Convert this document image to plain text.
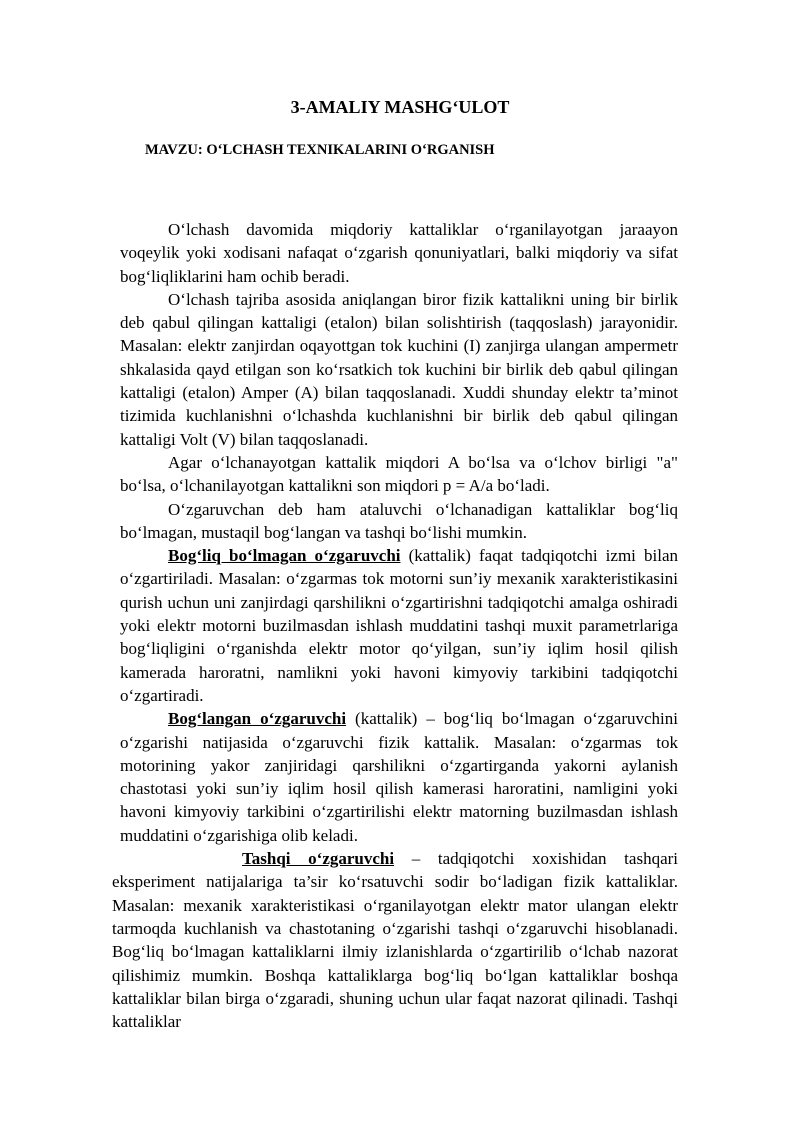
3-AMALIY MASHG‘ULOT
MAVZU: O‘LCHASH TEXNIKALARINI O‘RGANISH

O‘lchash davomida miqdoriy kattaliklar o‘rganilayotgan jaraayon voqeylik yoki xodisani nafaqat o‘zgarish qonuniyatlari, balki miqdoriy va sifat bog‘liqliklarini ham ochib beradi.

O‘lchash tajriba asosida aniqlangan biror fizik kattalikni uning bir birlik deb qabul qilingan kattaligi (etalon) bilan solishtirish (taqqoslash) jarayonidir. Masalan: elektr zanjirdan oqayottgan tok kuchini (I) zanjirga ulangan ampermetr shkalasida qayd etilgan son ko‘rsatkich tok kuchini bir birlik deb qabul qilingan kattaligi (etalon) Amper (A) bilan taqqoslanadi. Xuddi shunday elektr ta’minot tizimida kuchlanishni o‘lchashda kuchlanishni bir birlik deb qabul qilingan kattaligi Volt (V) bilan taqqoslanadi.

Agar o‘lchanayotgan kattalik miqdori A bo‘lsa va o‘lchov birligi "a" bo‘lsa, o‘lchanilayotgan kattalikni son miqdori p = A/a bo‘ladi.

O‘zgaruvchan deb ham ataluvchi o‘lchanadigan kattaliklar bog‘liq bo‘lmagan, mustaqil bog‘langan va tashqi bo‘lishi mumkin.

Bog‘liq bo‘lmagan o‘zgaruvchi (kattalik) faqat tadqiqotchi izmi bilan o‘zgartiriladi. Masalan: o‘zgarmas tok motorni sun’iy mexanik xarakteristikasini qurish uchun uni zanjirdagi qarshilikni o‘zgartirishni tadqiqotchi amalga oshiradi yoki elektr motorni buzilmasdan ishlash muddatini tashqi muxit parametrlariga bog‘liqligini o‘rganishda elektr motor qo‘yilgan, sun’iy iqlim hosil qilish kamerada haroratni, namlikni yoki havoni kimyoviy tarkibini tadqiqotchi o‘zgartiradi.

Bog‘langan o‘zgaruvchi (kattalik) – bog‘liq bo‘lmagan o‘zgaruvchini o‘zgarishi natijasida o‘zgaruvchi fizik kattalik. Masalan: o‘zgarmas tok motorining yakor zanjiridagi qarshilikni o‘zgartirganda yakorni aylanish chastotasi yoki sun’iy iqlim hosil qilish kamerasi haroratini, namligini yoki havoni kimyoviy tarkibini o‘zgartirilishi elektr matorning buzilmasdan ishlash muddatini o‘zgarishiga olib keladi.

Tashqi o‘zgaruvchi – tadqiqotchi xoxishidan tashqari eksperiment natijalariga ta’sir ko‘rsatuvchi sodir bo‘ladigan fizik kattaliklar. Masalan: mexanik xarakteristikasi o‘rganilayotgan elektr mator ulangan elektr tarmoqda kuchlanish va chastotaning o‘zgarishi tashqi o‘zgaruvchi hisoblanadi. Bog‘liq bo‘lmagan kattaliklarni ilmiy izlanishlarda o‘zgartirilib o‘lchab nazorat qilishimiz mumkin. Boshqa kattaliklarga bog‘liq bo‘lgan kattaliklar boshqa kattaliklar bilan birga o‘zgaradi, shuning uchun ular faqat nazorat qilinadi. Tashqi kattaliklar
